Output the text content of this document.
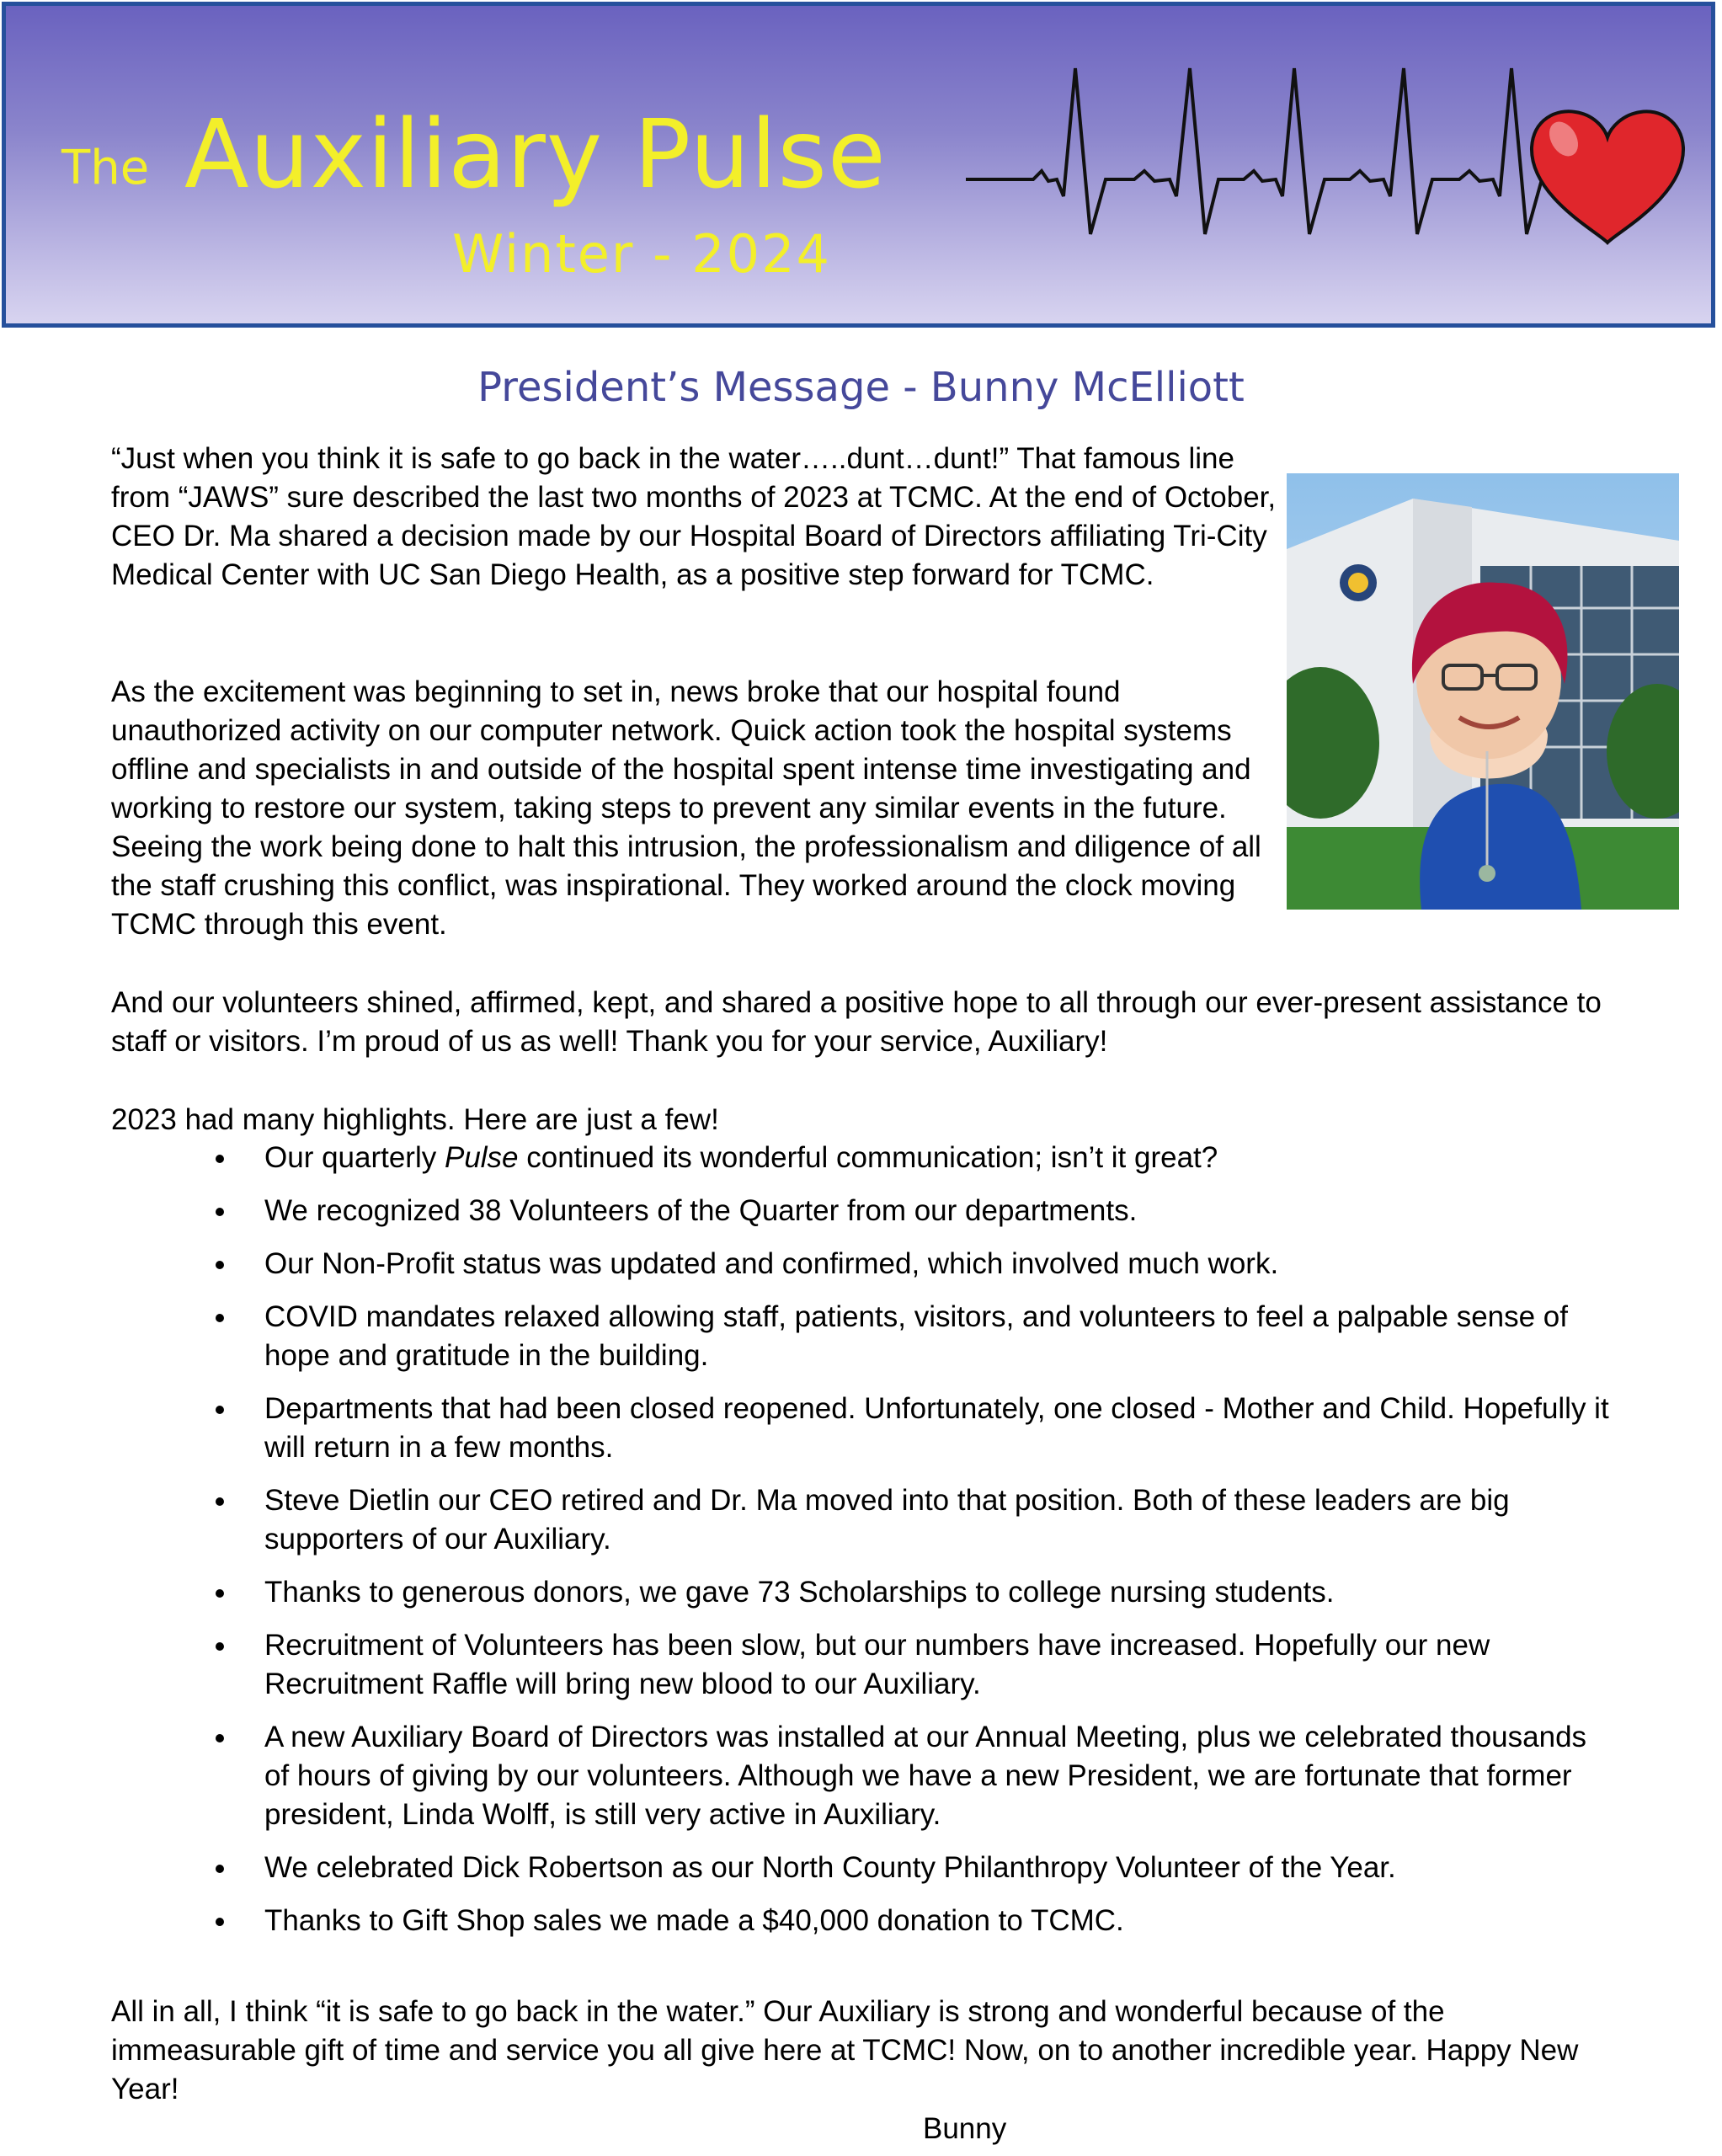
The Auxiliary Pulse
Winter - 2024
President’s Message - Bunny McElliott

“Just when you think it is safe to go back in the water…..dunt…dunt!” That famous line from “JAWS” sure described the last two months of 2023 at TCMC. At the end of October, CEO Dr. Ma shared a decision made by our Hospital Board of Directors affiliating Tri-City Medical Center with UC San Diego Health, as a positive step forward for TCMC.

As the excitement was beginning to set in, news broke that our hospital found unauthorized activity on our computer network. Quick action took the hospital systems offline and specialists in and outside of the hospital spent intense time investigating and working to restore our system, taking steps to prevent any similar events in the future. Seeing the work being done to halt this intrusion, the professionalism and diligence of all the staff crushing this conflict, was inspirational. They worked around the clock moving TCMC through this event.

And our volunteers shined, affirmed, kept, and shared a positive hope to all through our ever-present assistance to staff or visitors. I’m proud of us as well! Thank you for your service, Auxiliary!

2023 had many highlights. Here are just a few!

Our quarterly Pulse continued its wonderful communication; isn’t it great?
We recognized 38 Volunteers of the Quarter from our departments.
Our Non-Profit status was updated and confirmed, which involved much work.
COVID mandates relaxed allowing staff, patients, visitors, and volunteers to feel a palpable sense of hope and gratitude in the building.
Departments that had been closed reopened. Unfortunately, one closed - Mother and Child. Hopefully it will return in a few months.
Steve Dietlin our CEO retired and Dr. Ma moved into that position. Both of these leaders are big supporters of our Auxiliary.
Thanks to generous donors, we gave 73 Scholarships to college nursing students.
Recruitment of Volunteers has been slow, but our numbers have increased. Hopefully our new Recruitment Raffle will bring new blood to our Auxiliary.
A new Auxiliary Board of Directors was installed at our Annual Meeting, plus we celebrated thousands of hours of giving by our volunteers. Although we have a new President, we are fortunate that former president, Linda Wolff, is still very active in Auxiliary.
We celebrated Dick Robertson as our North County Philanthropy Volunteer of the Year.
Thanks to Gift Shop sales we made a $40,000 donation to TCMC.

All in all, I think “it is safe to go back in the water.” Our Auxiliary is strong and wonderful because of the immeasurable gift of time and service you all give here at TCMC! Now, on to another incredible year. Happy New Year!

Bunny
